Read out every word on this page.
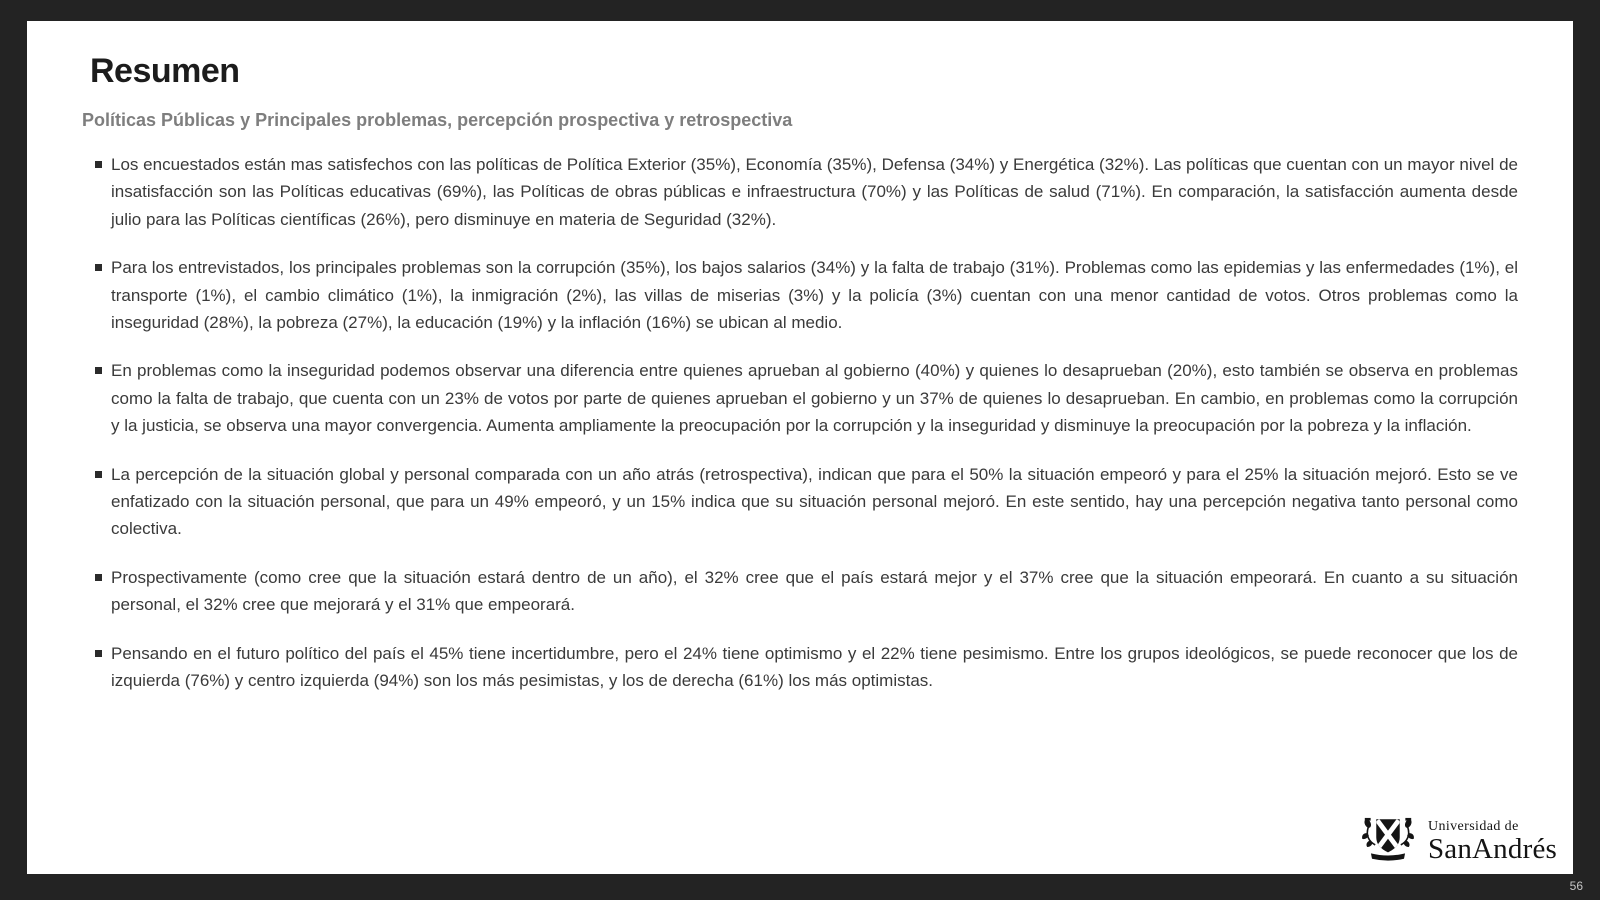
Resumen
Políticas Públicas y Principales problemas, percepción prospectiva y retrospectiva
Los encuestados están mas satisfechos con las políticas de Política Exterior (35%), Economía (35%), Defensa (34%) y Energética (32%). Las políticas que cuentan con un mayor nivel de insatisfacción son las Políticas educativas (69%), las Políticas de obras públicas e infraestructura (70%) y las Políticas de salud (71%). En comparación, la satisfacción aumenta desde julio para las Políticas científicas (26%), pero disminuye en materia de Seguridad (32%).
Para los entrevistados, los principales problemas son la corrupción (35%), los bajos salarios (34%) y la falta de trabajo (31%). Problemas como las epidemias y las enfermedades (1%), el transporte (1%), el cambio climático (1%), la inmigración (2%), las villas de miserias (3%) y la policía (3%) cuentan con una menor cantidad de votos. Otros problemas como la inseguridad (28%), la pobreza (27%), la educación (19%) y la inflación (16%) se ubican al medio.
En problemas como la inseguridad podemos observar una diferencia entre quienes aprueban al gobierno (40%) y quienes lo desaprueban (20%), esto también se observa en problemas como la falta de trabajo, que cuenta con un 23% de votos por parte de quienes aprueban el gobierno y un 37% de quienes lo desaprueban. En cambio, en problemas como la corrupción y la justicia, se observa una mayor convergencia. Aumenta ampliamente la preocupación por la corrupción y la inseguridad y disminuye la preocupación por la pobreza y la inflación.
La percepción de la situación global y personal comparada con un año atrás (retrospectiva), indican que para el 50% la situación empeoró y para el 25% la situación mejoró. Esto se ve enfatizado con la situación personal, que para un 49% empeoró, y un 15% indica que su situación personal mejoró. En este sentido, hay una percepción negativa tanto personal como colectiva.
Prospectivamente (como cree que la situación estará dentro de un año), el 32% cree que el país estará mejor y el 37% cree que la situación empeorará. En cuanto a su situación personal, el 32% cree que mejorará y el 31% que empeorará.
Pensando en el futuro político del país el 45% tiene incertidumbre, pero el 24% tiene optimismo y el 22% tiene pesimismo. Entre los grupos ideológicos, se puede reconocer que los de izquierda (76%) y centro izquierda (94%) son los más pesimistas, y los de derecha (61%) los más optimistas.
Universidad de
SanAndrés
56
